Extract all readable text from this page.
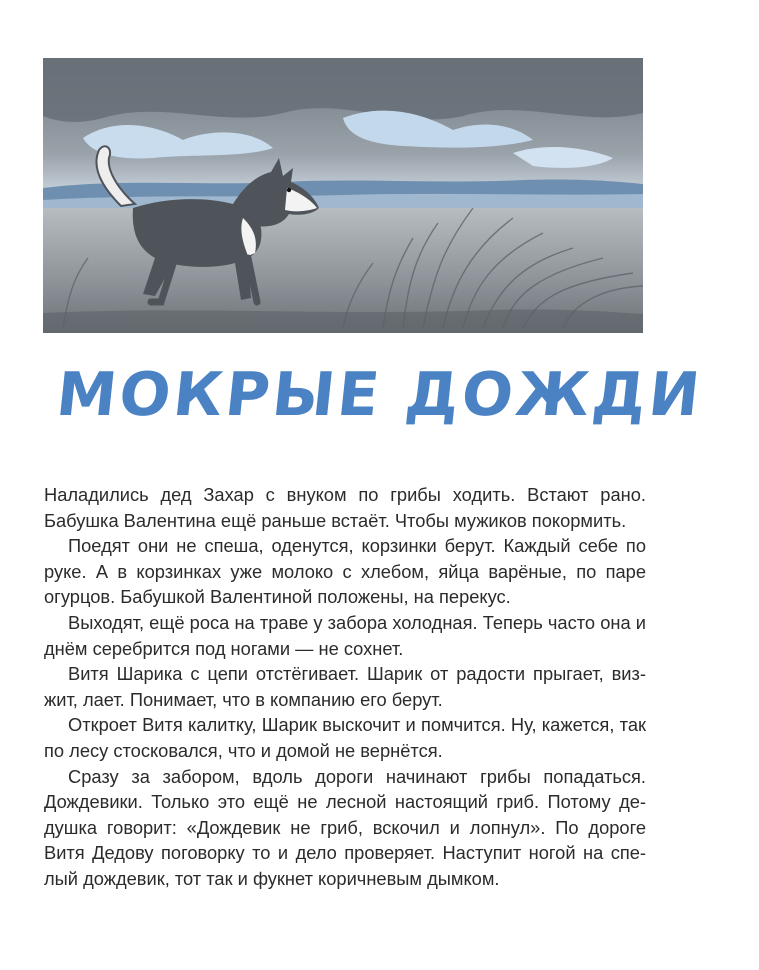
МОКРЫЕ ДОЖДИ

Наладились дед Захар с внуком по грибы ходить. Встают рано. Бабушка Валентина ещё раньше встаёт. Чтобы мужиков покормить.

Поедят они не спеша, оденутся, корзинки берут. Каждый себе по руке. А в корзинках уже молоко с хлебом, яйца варёные, по паре огурцов. Бабушкой Валентиной положены, на перекус.

Выходят, ещё роса на траве у забора холодная. Теперь часто она и днём серебрится под ногами — не сохнет.

Витя Шарика с цепи отстёгивает. Шарик от радости прыгает, визжит, лает. Понимает, что в компанию его берут.

Откроет Витя калитку, Шарик выскочит и помчится. Ну, кажется, так по лесу стосковался, что и домой не вернётся.

Сразу за забором, вдоль дороги начинают грибы попадаться. Дождевики. Только это ещё не лесной настоящий гриб. Потому дедушка говорит: «Дождевик не гриб, вскочил и лопнул». По дороге Витя Дедову поговорку то и дело проверяет. Наступит ногой на спелый дождевик, тот так и фукнет коричневым дымком.
